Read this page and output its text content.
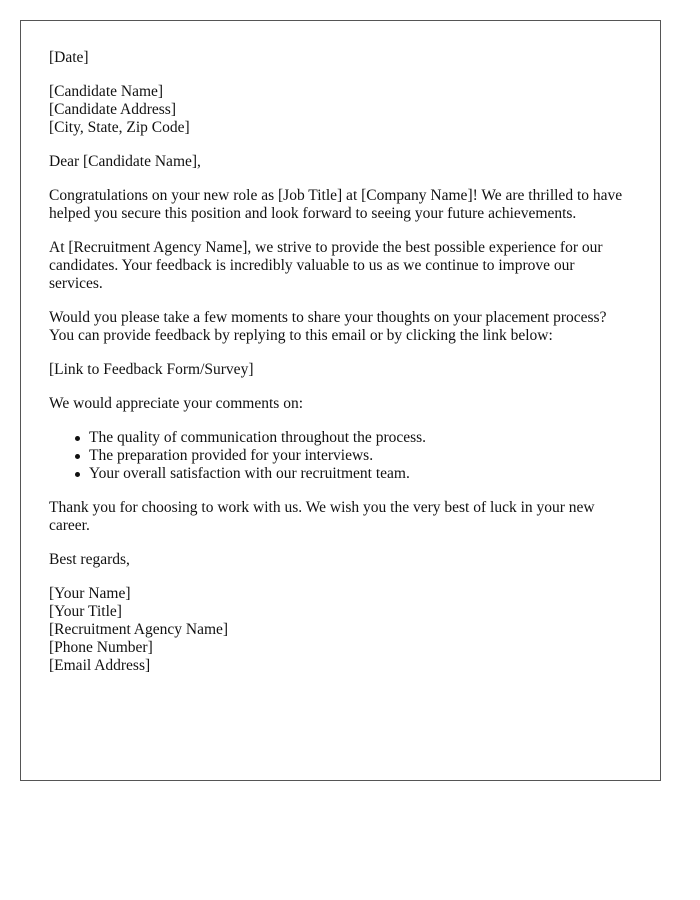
[Date]
[Candidate Name]
[Candidate Address]
[City, State, Zip Code]

Dear [Candidate Name],

Congratulations on your new role as [Job Title] at [Company Name]! We are thrilled to have helped you secure this position and look forward to seeing your future achievements.

At [Recruitment Agency Name], we strive to provide the best possible experience for our candidates. Your feedback is incredibly valuable to us as we continue to improve our services.

Would you please take a few moments to share your thoughts on your placement process? You can provide feedback by replying to this email or by clicking the link below:

[Link to Feedback Form/Survey]

We would appreciate your comments on:

The quality of communication throughout the process.
The preparation provided for your interviews.
Your overall satisfaction with our recruitment team.

Thank you for choosing to work with us. We wish you the very best of luck in your new career.

Best regards,

[Your Name]
[Your Title]
[Recruitment Agency Name]
[Phone Number]
[Email Address]
